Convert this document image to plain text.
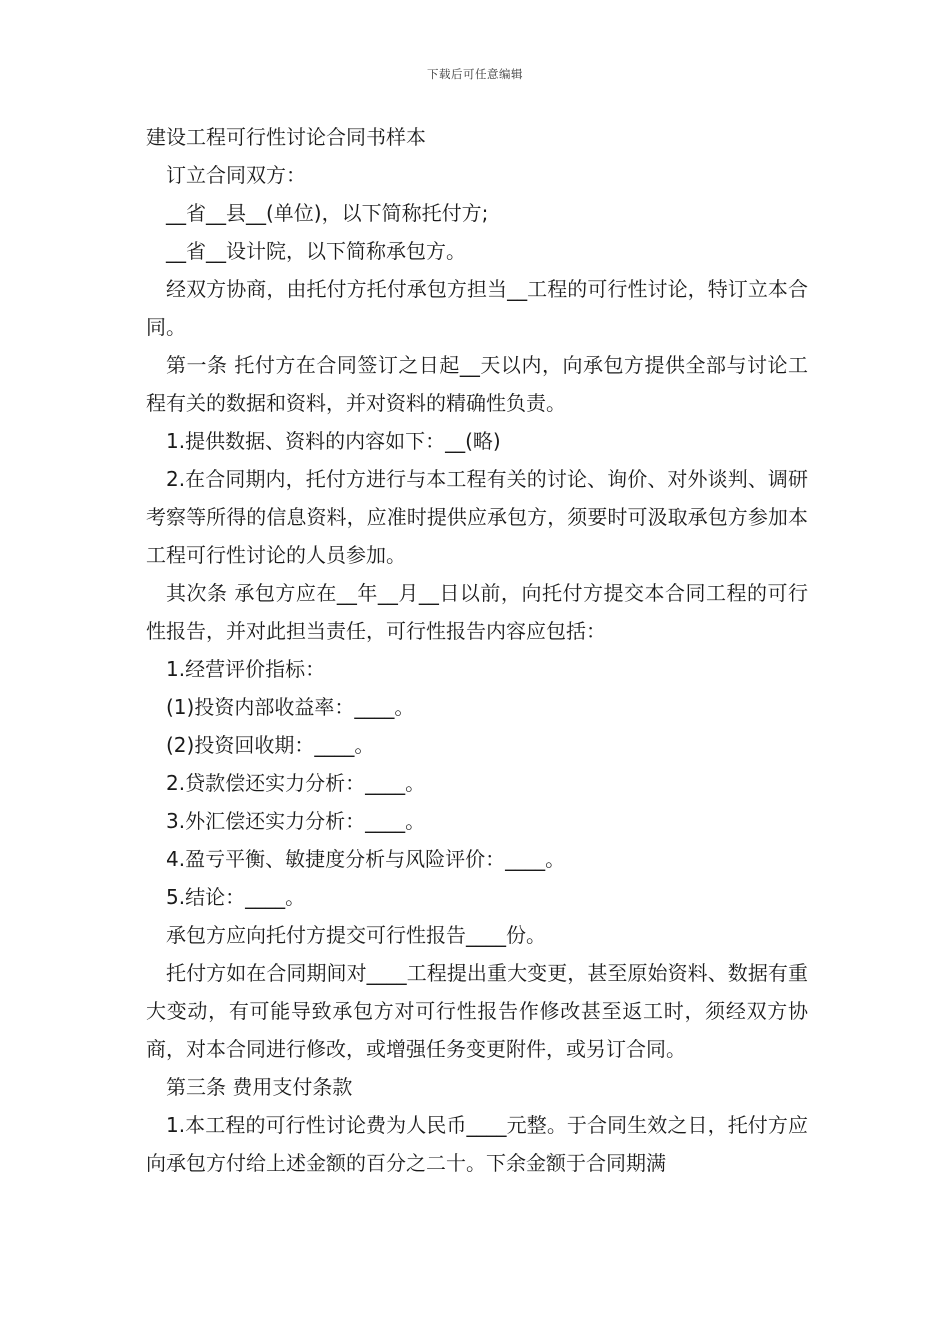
下载后可任意编辑

建设工程可行性讨论合同书样本

订立合同双方：

__省__县__(单位)，以下简称托付方;

__省__设计院，以下简称承包方。

经双方协商，由托付方托付承包方担当__工程的可行性讨论，特订立本合同。

第一条 托付方在合同签订之日起__天以内，向承包方提供全部与讨论工程有关的数据和资料，并对资料的精确性负责。

1.提供数据、资料的内容如下：__(略)

2.在合同期内，托付方进行与本工程有关的讨论、询价、对外谈判、调研考察等所得的信息资料，应准时提供应承包方，须要时可汲取承包方参加本工程可行性讨论的人员参加。

其次条 承包方应在__年__月__日以前，向托付方提交本合同工程的可行性报告，并对此担当责任，可行性报告内容应包括：

1.经营评价指标：

(1)投资内部收益率：____。

(2)投资回收期：____。

2.贷款偿还实力分析：____。

3.外汇偿还实力分析：____。

4.盈亏平衡、敏捷度分析与风险评价：____。

5.结论：____。

承包方应向托付方提交可行性报告____份。

托付方如在合同期间对____工程提出重大变更，甚至原始资料、数据有重大变动，有可能导致承包方对可行性报告作修改甚至返工时，须经双方协商，对本合同进行修改，或增强任务变更附件，或另订合同。

第三条 费用支付条款

1.本工程的可行性讨论费为人民币____元整。于合同生效之日，托付方应向承包方付给上述金额的百分之二十。下余金额于合同期满
